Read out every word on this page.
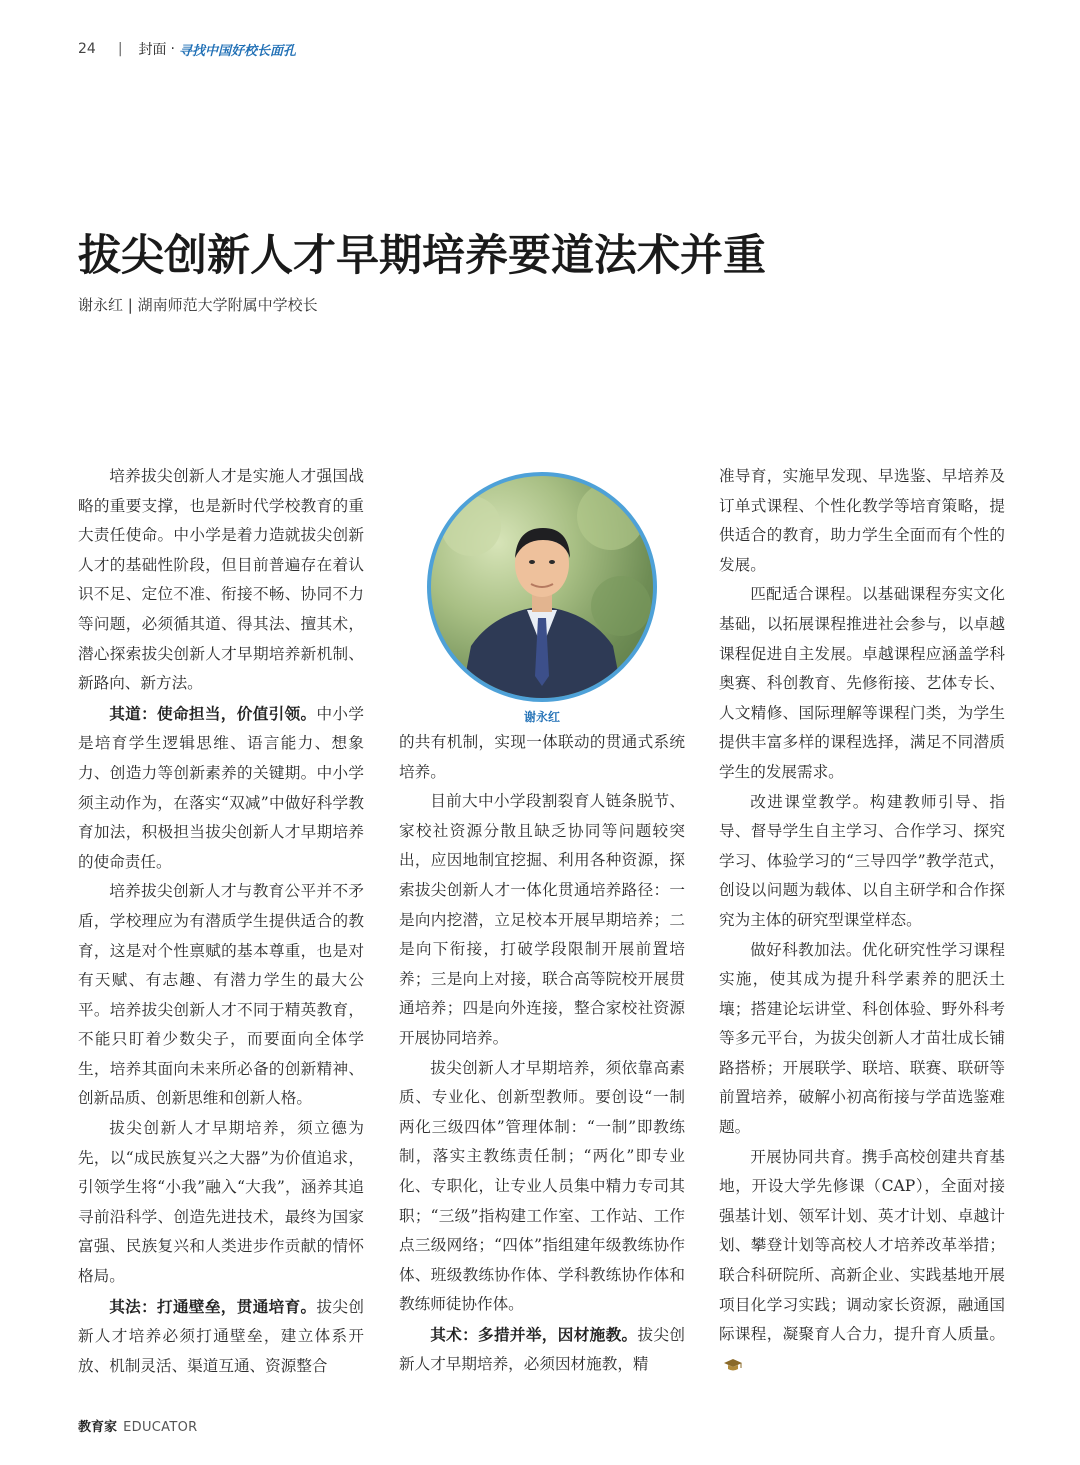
24 | 封面 · 寻找中国好校长面孔
拔尖创新人才早期培养要道法术并重
谢永红 | 湖南师范大学附属中学校长

培养拔尖创新人才是实施人才强国战略的重要支撑，也是新时代学校教育的重大责任使命。中小学是着力造就拔尖创新人才的基础性阶段，但目前普遍存在着认识不足、定位不准、衔接不畅、协同不力等问题，必须循其道、得其法、擅其术，潜心探索拔尖创新人才早期培养新机制、新路向、新方法。

其道：使命担当，价值引领。中小学是培育学生逻辑思维、语言能力、想象力、创造力等创新素养的关键期。中小学须主动作为，在落实“双减”中做好科学教育加法，积极担当拔尖创新人才早期培养的使命责任。

培养拔尖创新人才与教育公平并不矛盾，学校理应为有潜质学生提供适合的教育，这是对个性禀赋的基本尊重，也是对有天赋、有志趣、有潜力学生的最大公平。培养拔尖创新人才不同于精英教育，不能只盯着少数尖子，而要面向全体学生，培养其面向未来所必备的创新精神、创新品质、创新思维和创新人格。

拔尖创新人才早期培养，须立德为先，以“成民族复兴之大器”为价值追求，引领学生将“小我”融入“大我”，涵养其追寻前沿科学、创造先进技术，最终为国家富强、民族复兴和人类进步作贡献的情怀格局。

其法：打通壁垒，贯通培育。拔尖创新人才培养必须打通壁垒，建立体系开放、机制灵活、渠道互通、资源整合

谢永红

的共有机制，实现一体联动的贯通式系统培养。

目前大中小学段割裂育人链条脱节、家校社资源分散且缺乏协同等问题较突出，应因地制宜挖掘、利用各种资源，探索拔尖创新人才一体化贯通培养路径：一是向内挖潜，立足校本开展早期培养；二是向下衔接，打破学段限制开展前置培养；三是向上对接，联合高等院校开展贯通培养；四是向外连接，整合家校社资源开展协同培养。

拔尖创新人才早期培养，须依靠高素质、专业化、创新型教师。要创设“一制两化三级四体”管理体制：“一制”即教练制，落实主教练责任制；“两化”即专业化、专职化，让专业人员集中精力专司其职；“三级”指构建工作室、工作站、工作点三级网络；“四体”指组建年级教练协作体、班级教练协作体、学科教练协作体和教练师徒协作体。

其术：多措并举，因材施教。拔尖创新人才早期培养，必须因材施教，精

准导育，实施早发现、早选鉴、早培养及订单式课程、个性化教学等培育策略，提供适合的教育，助力学生全面而有个性的发展。

匹配适合课程。以基础课程夯实文化基础，以拓展课程推进社会参与，以卓越课程促进自主发展。卓越课程应涵盖学科奥赛、科创教育、先修衔接、艺体专长、人文精修、国际理解等课程门类，为学生提供丰富多样的课程选择，满足不同潜质学生的发展需求。

改进课堂教学。构建教师引导、指导、督导学生自主学习、合作学习、探究学习、体验学习的“三导四学”教学范式，创设以问题为载体、以自主研学和合作探究为主体的研究型课堂样态。

做好科教加法。优化研究性学习课程实施，使其成为提升科学素养的肥沃土壤；搭建论坛讲堂、科创体验、野外科考等多元平台，为拔尖创新人才苗壮成长铺路搭桥；开展联学、联培、联赛、联研等前置培养，破解小初高衔接与学苗选鉴难题。

开展协同共育。携手高校创建共育基地，开设大学先修课（CAP），全面对接强基计划、领军计划、英才计划、卓越计划、攀登计划等高校人才培养改革举措；联合科研院所、高新企业、实践基地开展项目化学习实践；调动家长资源，融通国际课程，凝聚育人合力，提升育人质量。

教育家 EDUCATOR
